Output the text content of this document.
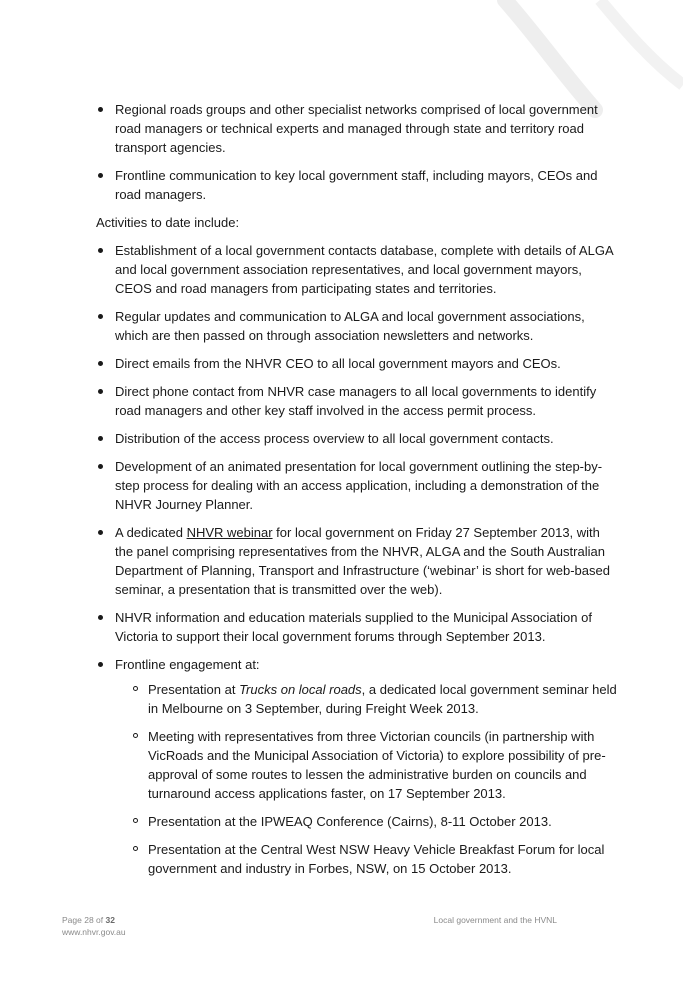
Regional roads groups and other specialist networks comprised of local government road managers or technical experts and managed through state and territory road transport agencies.
Frontline communication to key local government staff, including mayors, CEOs and road managers.

Activities to date include:

Establishment of a local government contacts database, complete with details of ALGA and local government association representatives, and local government mayors, CEOS and road managers from participating states and territories.
Regular updates and communication to ALGA and local government associations, which are then passed on through association newsletters and networks.
Direct emails from the NHVR CEO to all local government mayors and CEOs.
Direct phone contact from NHVR case managers to all local governments to identify road managers and other key staff involved in the access permit process.
Distribution of the access process overview to all local government contacts.
Development of an animated presentation for local government outlining the step-by-step process for dealing with an access application, including a demonstration of the NHVR Journey Planner.
A dedicated NHVR webinar for local government on Friday 27 September 2013, with the panel comprising representatives from the NHVR, ALGA and the South Australian Department of Planning, Transport and Infrastructure (‘webinar’ is short for web-based seminar, a presentation that is transmitted over the web).
NHVR information and education materials supplied to the Municipal Association of Victoria to support their local government forums through September 2013.
Frontline engagement at:
Presentation at Trucks on local roads, a dedicated local government seminar held in Melbourne on 3 September, during Freight Week 2013.
Meeting with representatives from three Victorian councils (in partnership with VicRoads and the Municipal Association of Victoria) to explore possibility of pre-approval of some routes to lessen the administrative burden on councils and turnaround access applications faster, on 17 September 2013.
Presentation at the IPWEAQ Conference (Cairns), 8-11 October 2013.
Presentation at the Central West NSW Heavy Vehicle Breakfast Forum for local government and industry in Forbes, NSW, on 15 October 2013.
Page 28 of 32
www.nhvr.gov.au
Local government and the HVNL
